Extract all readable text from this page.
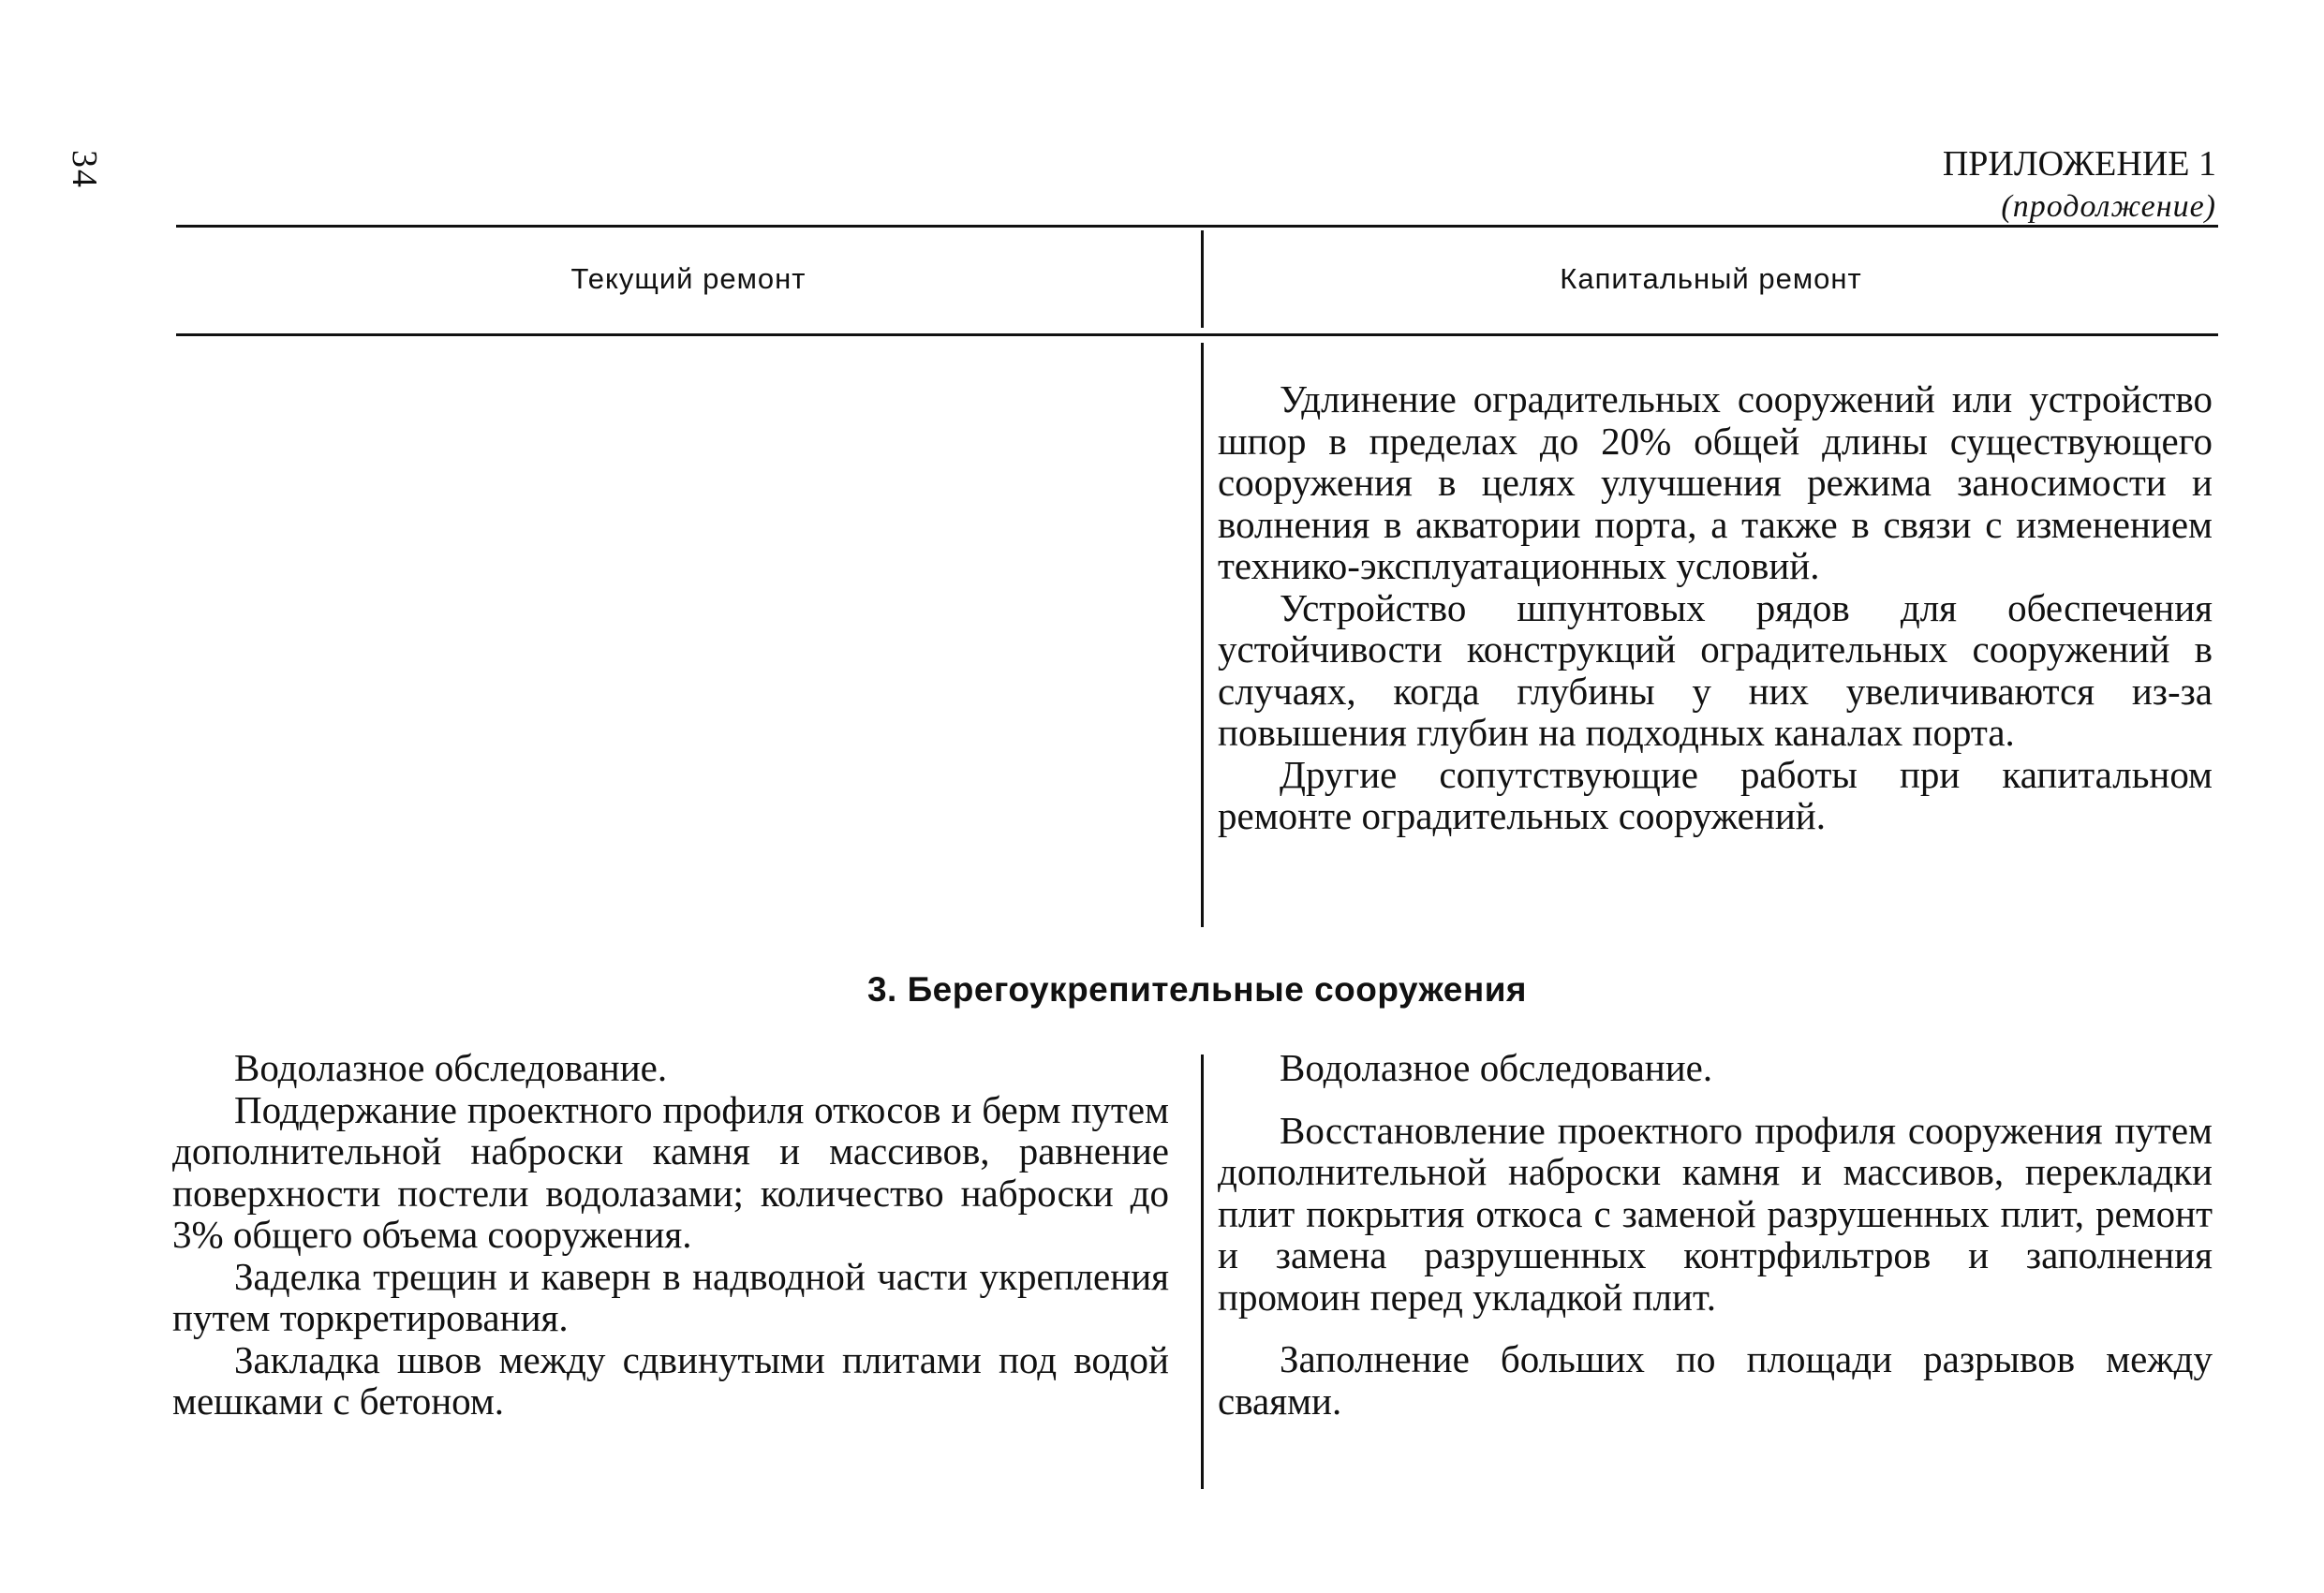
34	ПРИЛОЖЕНИЕ 1
(продолжение)
Текущий ремонт	Капитальный ремонт

Удлинение оградительных сооружений или устройство шпор в пределах до 20% общей длины существующего сооружения в целях улучшения режима заносимости и волнения в акватории порта, а также в связи с изменением технико-эксплуатационных условий.

Устройство шпунтовых рядов для обеспечения устойчивости конструкций оградительных сооружений в случаях, когда глубины у них увеличиваются из-за повышения глубин на подходных каналах порта.

Другие сопутствующие работы при капитальном ремонте оградительных сооружений.

3. Берегоукрепительные сооружения

Водолазное обследование.

Поддержание проектного профиля откосов и берм путем дополнительной наброски камня и массивов, равнение поверхности постели водолазами; количество наброски до 3% общего объема сооружения.

Заделка трещин и каверн в надводной части укрепления путем торкретирования.

Закладка швов между сдвинутыми плитами под водой мешками с бетоном.

Водолазное обследование.

Восстановление проектного профиля сооружения путем дополнительной наброски камня и массивов, перекладки плит покрытия откоса с заменой разрушенных плит, ремонт и замена разрушенных контрфильтров и заполнения промоин перед укладкой плит.

Заполнение больших по площади разрывов между сваями.
